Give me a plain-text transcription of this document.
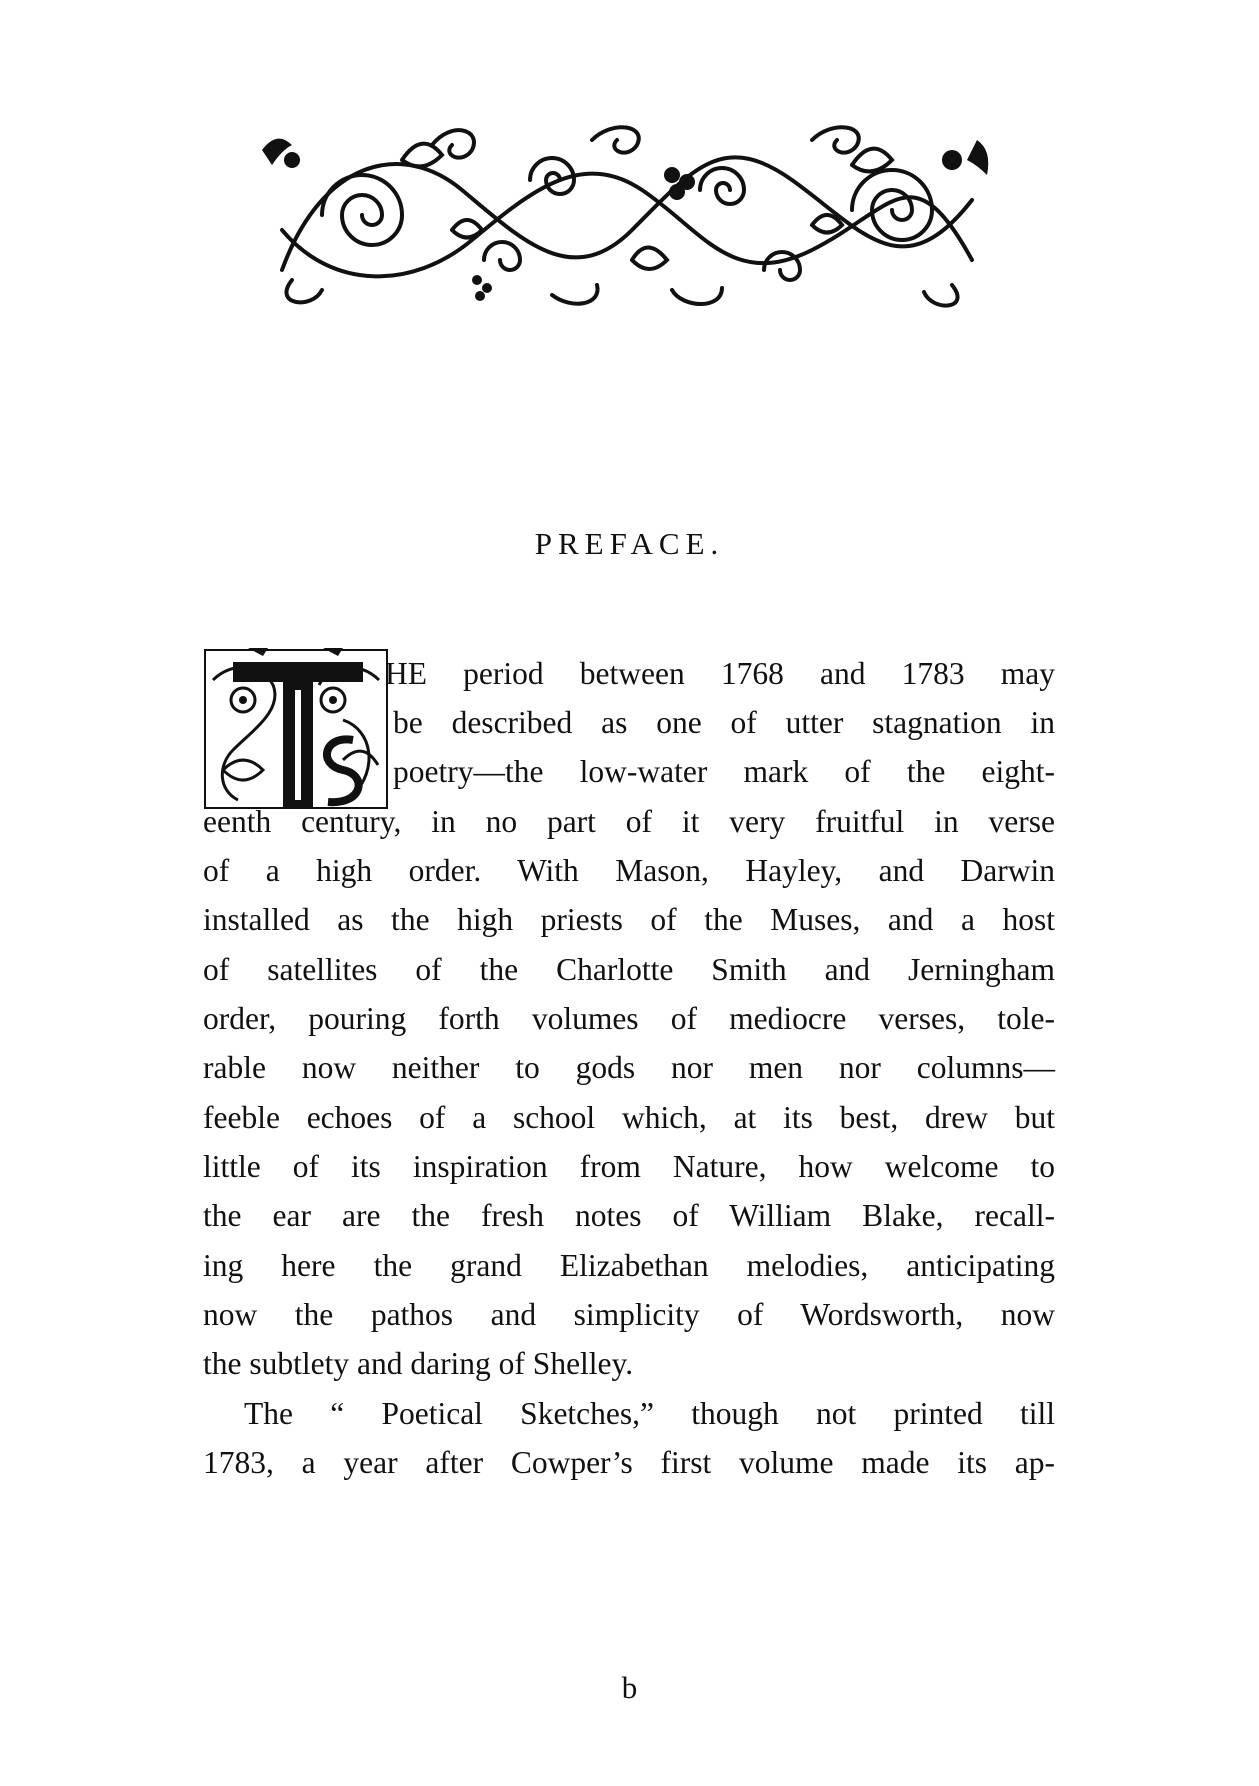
PREFACE.
HE period between 1768 and 1783 may
be described as one of utter stagnation in
poetry—the low-water mark of the eight-
eenth century, in no part of it very fruitful in verse
of a high order. With Mason, Hayley, and Darwin
installed as the high priests of the Muses, and a host
of satellites of the Charlotte Smith and Jerningham
order, pouring forth volumes of mediocre verses, tole-
rable now neither to gods nor men nor columns—
feeble echoes of a school which, at its best, drew but
little of its inspiration from Nature, how welcome to
the ear are the fresh notes of William Blake, recall-
ing here the grand Elizabethan melodies, anticipating
now the pathos and simplicity of Wordsworth, now
the subtlety and daring of Shelley.
The “ Poetical Sketches,” though not printed till
1783, a year after Cowper’s first volume made its ap-
b
